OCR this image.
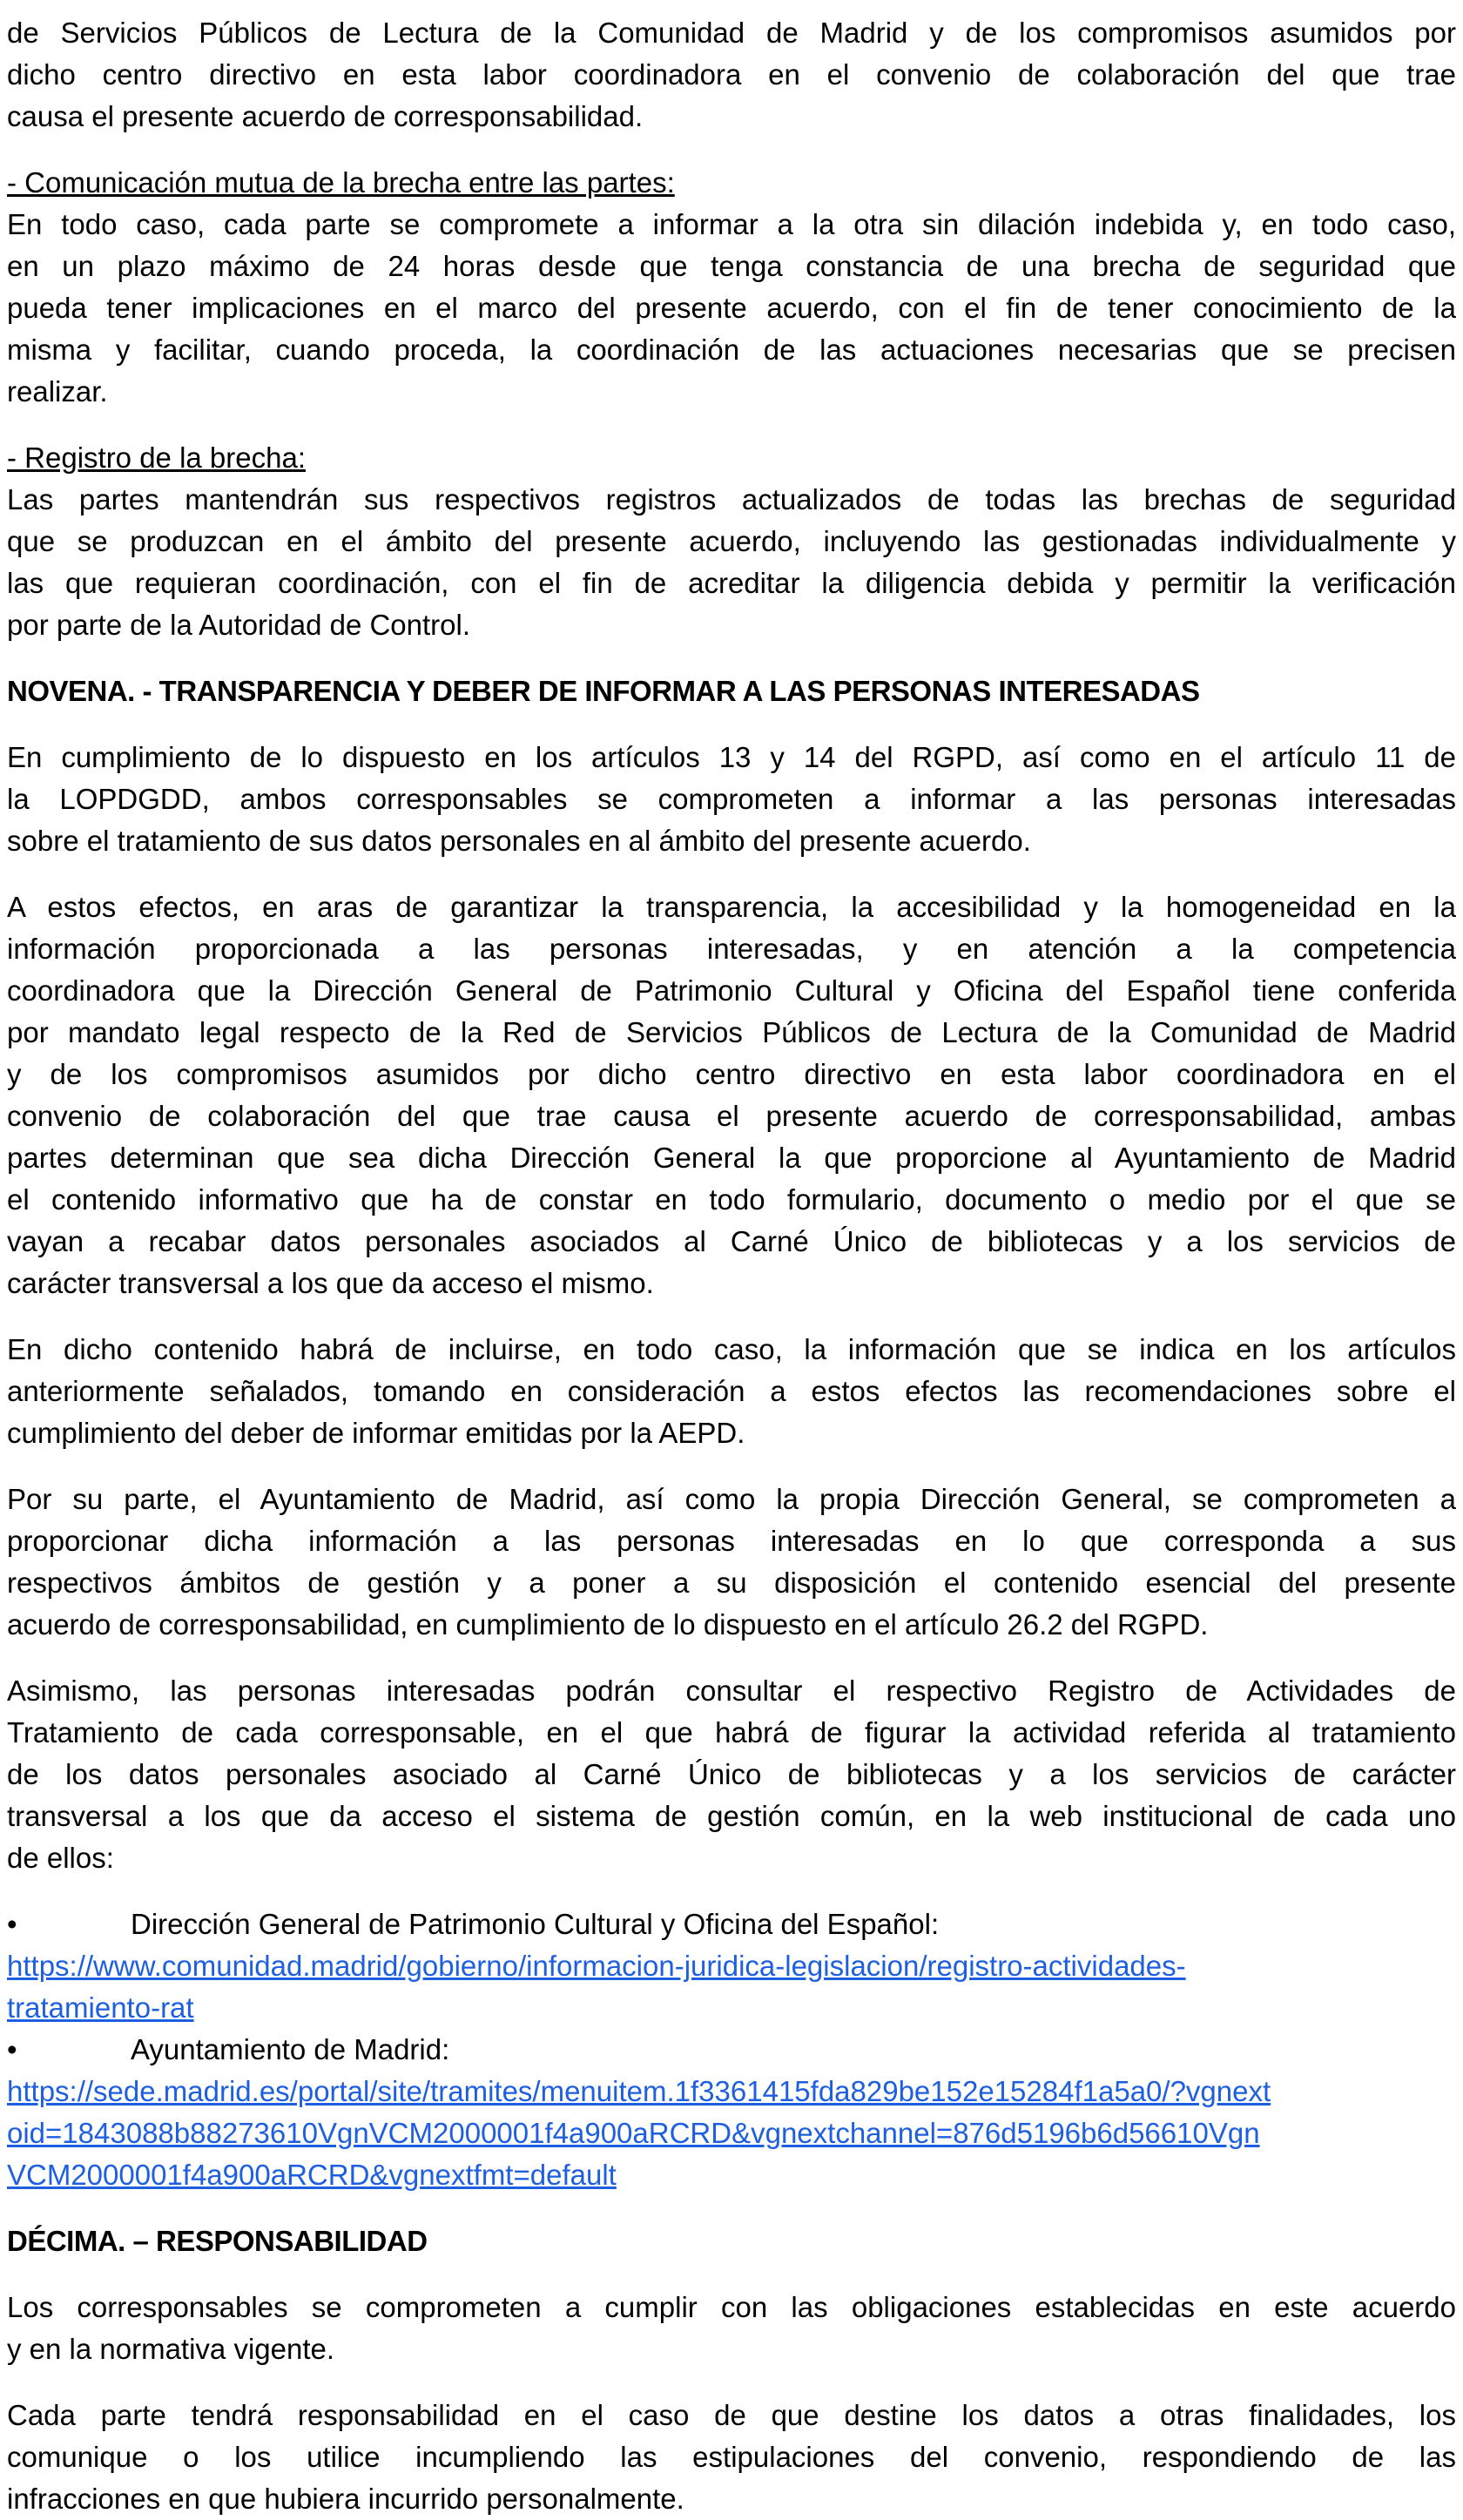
de Servicios Públicos de Lectura de la Comunidad de Madrid y de los compromisos asumidos por
dicho centro directivo en esta labor coordinadora en el convenio de colaboración del que trae
causa el presente acuerdo de corresponsabilidad.
- Comunicación mutua de la brecha entre las partes:
En todo caso, cada parte se compromete a informar a la otra sin dilación indebida y, en todo caso,
en un plazo máximo de 24 horas desde que tenga constancia de una brecha de seguridad que
pueda tener implicaciones en el marco del presente acuerdo, con el fin de tener conocimiento de la
misma y facilitar, cuando proceda, la coordinación de las actuaciones necesarias que se precisen
realizar.
- Registro de la brecha:
Las partes mantendrán sus respectivos registros actualizados de todas las brechas de seguridad
que se produzcan en el ámbito del presente acuerdo, incluyendo las gestionadas individualmente y
las que requieran coordinación, con el fin de acreditar la diligencia debida y permitir la verificación
por parte de la Autoridad de Control.
NOVENA. - TRANSPARENCIA Y DEBER DE INFORMAR A LAS PERSONAS INTERESADAS
En cumplimiento de lo dispuesto en los artículos 13 y 14 del RGPD, así como en el artículo 11 de
la LOPDGDD, ambos corresponsables se comprometen a informar a las personas interesadas
sobre el tratamiento de sus datos personales en al ámbito del presente acuerdo.
A estos efectos, en aras de garantizar la transparencia, la accesibilidad y la homogeneidad en la
información proporcionada a las personas interesadas, y en atención a la competencia
coordinadora que la Dirección General de Patrimonio Cultural y Oficina del Español tiene conferida
por mandato legal respecto de la Red de Servicios Públicos de Lectura de la Comunidad de Madrid
y de los compromisos asumidos por dicho centro directivo en esta labor coordinadora en el
convenio de colaboración del que trae causa el presente acuerdo de corresponsabilidad, ambas
partes determinan que sea dicha Dirección General la que proporcione al Ayuntamiento de Madrid
el contenido informativo que ha de constar en todo formulario, documento o medio por el que se
vayan a recabar datos personales asociados al Carné Único de bibliotecas y a los servicios de
carácter transversal a los que da acceso el mismo.
En dicho contenido habrá de incluirse, en todo caso, la información que se indica en los artículos
anteriormente señalados, tomando en consideración a estos efectos las recomendaciones sobre el
cumplimiento del deber de informar emitidas por la AEPD.
Por su parte, el Ayuntamiento de Madrid, así como la propia Dirección General, se comprometen a
proporcionar dicha información a las personas interesadas en lo que corresponda a sus
respectivos ámbitos de gestión y a poner a su disposición el contenido esencial del presente
acuerdo de corresponsabilidad, en cumplimiento de lo dispuesto en el artículo 26.2 del RGPD.
Asimismo, las personas interesadas podrán consultar el respectivo Registro de Actividades de
Tratamiento de cada corresponsable, en el que habrá de figurar la actividad referida al tratamiento
de los datos personales asociado al Carné Único de bibliotecas y a los servicios de carácter
transversal a los que da acceso el sistema de gestión común, en la web institucional de cada uno
de ellos:
•	Dirección General de Patrimonio Cultural y Oficina del Español:
https://www.comunidad.madrid/gobierno/informacion-juridica-legislacion/registro-actividades-
tratamiento-rat
•	Ayuntamiento de Madrid:
https://sede.madrid.es/portal/site/tramites/menuitem.1f3361415fda829be152e15284f1a5a0/?vgnext
oid=1843088b88273610VgnVCM2000001f4a900aRCRD&vgnextchannel=876d5196b6d56610Vgn
VCM2000001f4a900aRCRD&vgnextfmt=default
DÉCIMA. – RESPONSABILIDAD
Los corresponsables se comprometen a cumplir con las obligaciones establecidas en este acuerdo
y en la normativa vigente.
Cada parte tendrá responsabilidad en el caso de que destine los datos a otras finalidades, los
comunique o los utilice incumpliendo las estipulaciones del convenio, respondiendo de las
infracciones en que hubiera incurrido personalmente.
